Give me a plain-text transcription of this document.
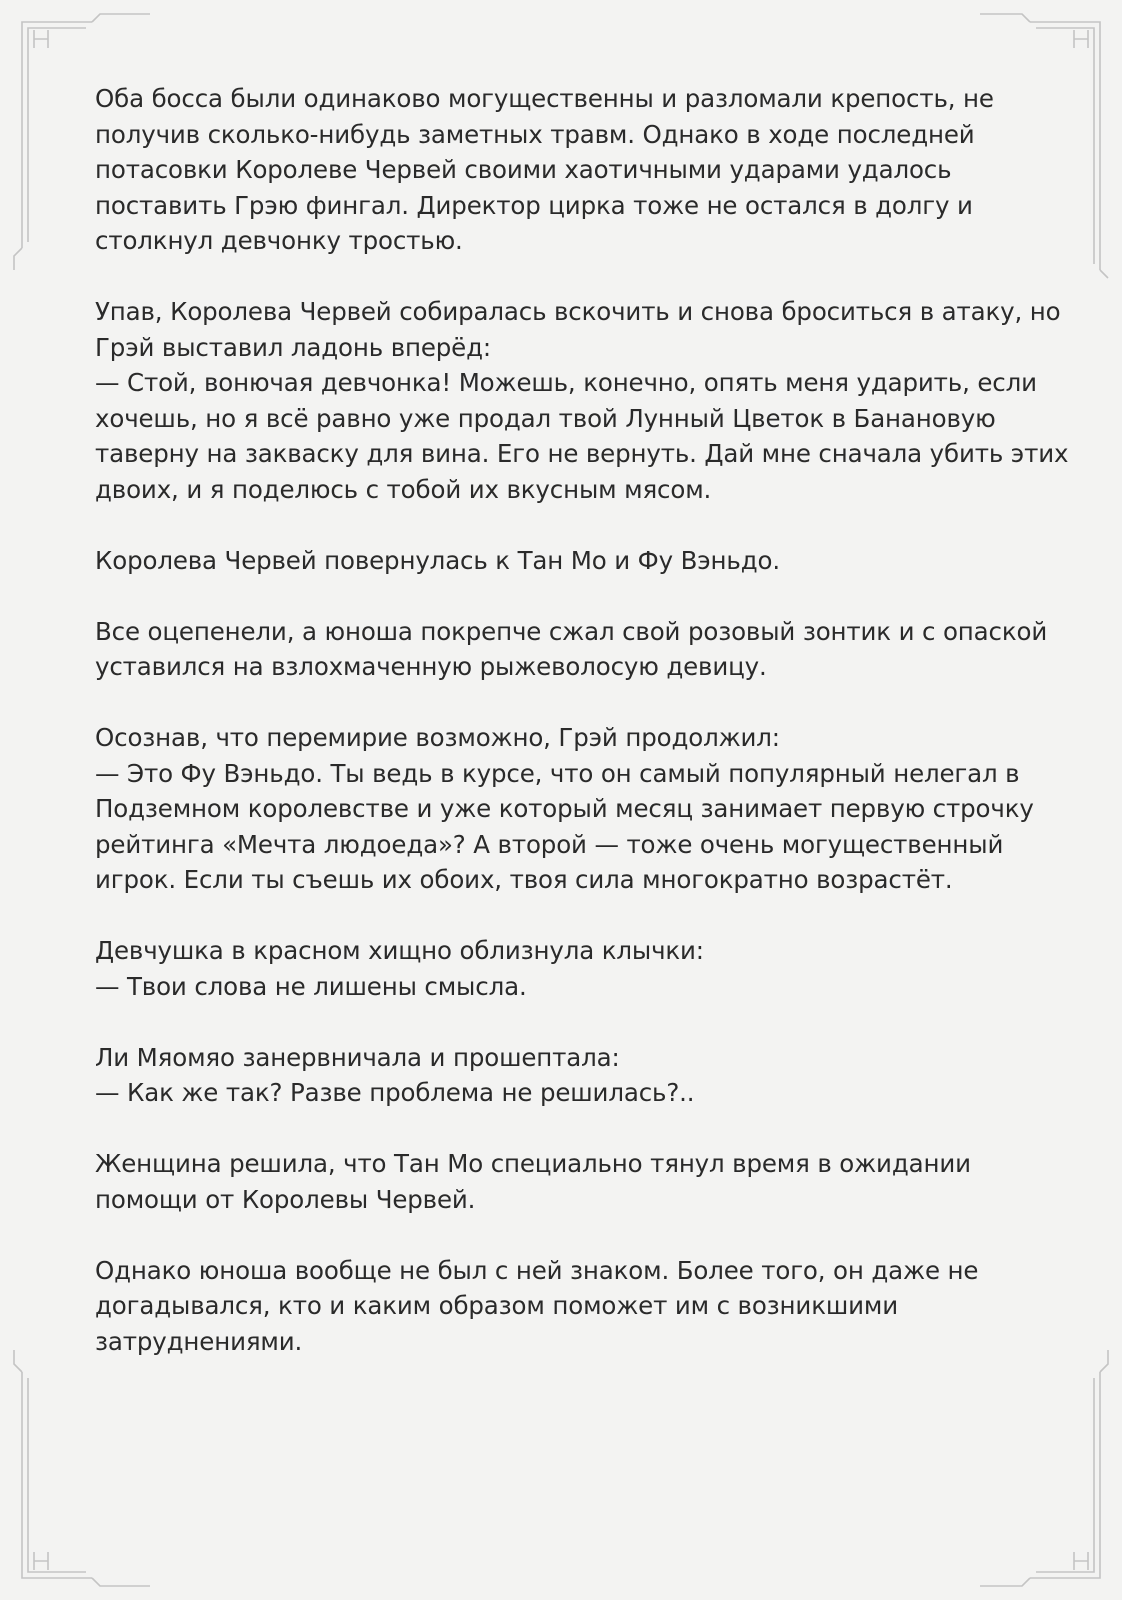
Оба босса были одинаково могущественны и разломали крепость, не
получив сколько-нибудь заметных травм. Однако в ходе последней
потасовки Королеве Червей своими хаотичными ударами удалось
поставить Грэю фингал. Директор цирка тоже не остался в долгу и
столкнул девчонку тростью.

Упав, Королева Червей собиралась вскочить и снова броситься в атаку, но
Грэй выставил ладонь вперёд:
— Стой, вонючая девчонка! Можешь, конечно, опять меня ударить, если
хочешь, но я всё равно уже продал твой Лунный Цветок в Банановую
таверну на закваску для вина. Его не вернуть. Дай мне сначала убить этих
двоих, и я поделюсь с тобой их вкусным мясом.

Королева Червей повернулась к Тан Мо и Фу Вэньдо.

Все оцепенели, а юноша покрепче сжал свой розовый зонтик и с опаской
уставился на взлохмаченную рыжеволосую девицу.

Осознав, что перемирие возможно, Грэй продолжил:
— Это Фу Вэньдо. Ты ведь в курсе, что он самый популярный нелегал в
Подземном королевстве и уже который месяц занимает первую строчку
рейтинга «Мечта людоеда»? А второй — тоже очень могущественный
игрок. Если ты съешь их обоих, твоя сила многократно возрастёт.

Девчушка в красном хищно облизнула клычки:
— Твои слова не лишены смысла.

Ли Мяомяо занервничала и прошептала:
— Как же так? Разве проблема не решилась?..

Женщина решила, что Тан Мо специально тянул время в ожидании
помощи от Королевы Червей.

Однако юноша вообще не был с ней знаком. Более того, он даже не
догадывался, кто и каким образом поможет им с возникшими
затруднениями.
